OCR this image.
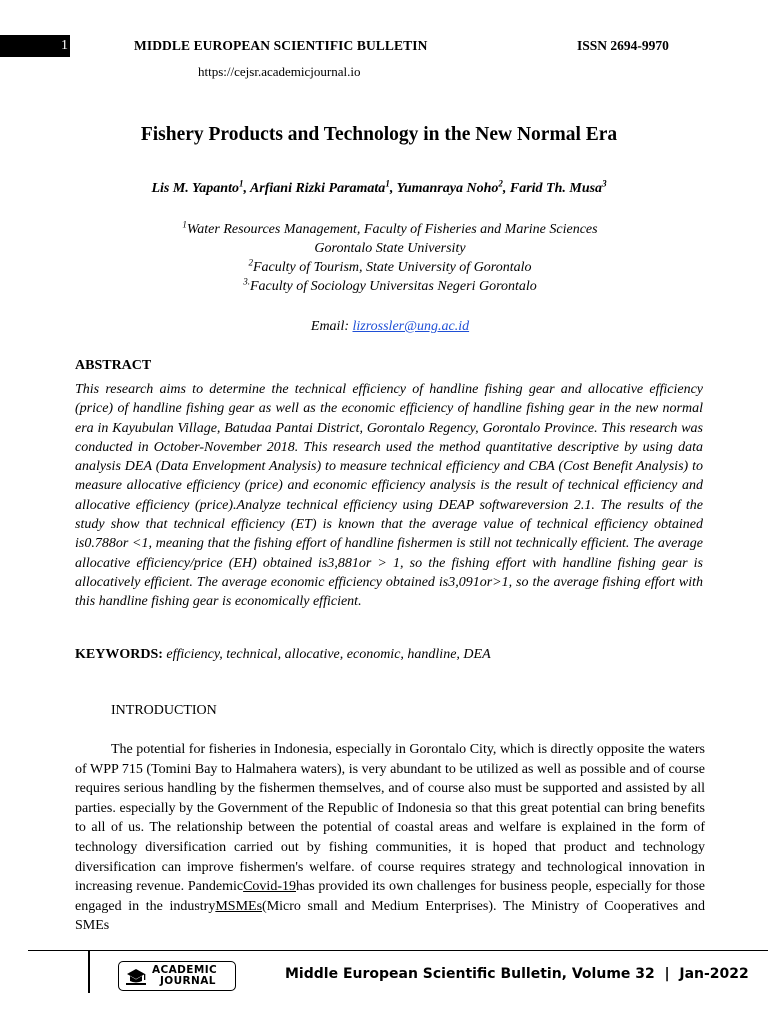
1	MIDDLE EUROPEAN SCIENTIFIC BULLETIN	ISSN 2694-9970
https://cejsr.academicjournal.io
Fishery Products and Technology in the New Normal Era
Lis M. Yapanto$^1$, Arfiani Rizki Paramata$^1$, Yumanraya Noho$^2$, Farid Th. Musa$^3$
$^1$Water Resources Management, Faculty of Fisheries and Marine Sciences
Gorontalo State University
$^2$Faculty of Tourism, State University of Gorontalo
$^{3.}$Faculty of Sociology Universitas Negeri Gorontalo
Email: lizrossler@ung.ac.id
ABSTRACT
This research aims to determine the technical efficiency of handline fishing gear and allocative efficiency (price) of handline fishing gear as well as the economic efficiency of handline fishing gear in the new normal era in Kayubulan Village, Batudaa Pantai District, Gorontalo Regency, Gorontalo Province. This research was conducted in October-November 2018. This research used the method quantitative descriptive by using data analysis DEA (Data Envelopment Analysis) to measure technical efficiency and CBA (Cost Benefit Analysis) to measure allocative efficiency (price) and economic efficiency analysis is the result of technical efficiency and allocative efficiency (price).Analyze technical efficiency using DEAP softwareversion 2.1. The results of the study show that technical efficiency (ET) is known that the average value of technical efficiency obtained is0.788or <1, meaning that the fishing effort of handline fishermen is still not technically efficient. The average allocative efficiency/price (EH) obtained is3,881or > 1, so the fishing effort with handline fishing gear is allocatively efficient. The average economic efficiency obtained is3,091or>1, so the average fishing effort with this handline fishing gear is economically efficient.
KEYWORDS: efficiency, technical, allocative, economic, handline, DEA
INTRODUCTION
The potential for fisheries in Indonesia, especially in Gorontalo City, which is directly opposite the waters of WPP 715 (Tomini Bay to Halmahera waters), is very abundant to be utilized as well as possible and of course requires serious handling by the fishermen themselves, and of course also must be supported and assisted by all parties. especially by the Government of the Republic of Indonesia so that this great potential can bring benefits to all of us. The relationship between the potential of coastal areas and welfare is explained in the form of technology diversification carried out by fishing communities, it is hoped that product and technology diversification can improve fishermen's welfare. of course requires strategy and technological innovation in increasing revenue. PandemicCovid-19has provided its own challenges for business people, especially for those engaged in the industryMSMEs(Micro small and Medium Enterprises). The Ministry of Cooperatives and SMEs
ACADEMIC
JOURNAL	Middle European Scientific Bulletin, Volume 32  |  Jan-2022
